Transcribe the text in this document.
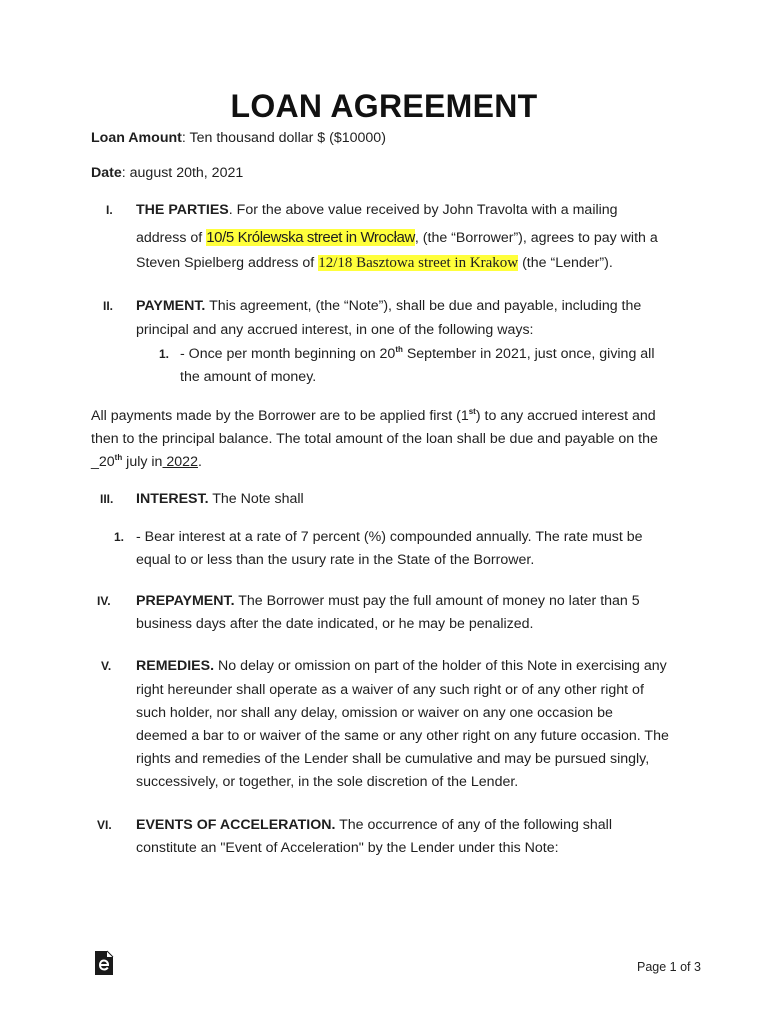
LOAN AGREEMENT
Loan Amount: Ten thousand dollar $ ($10000)
Date: august 20th, 2021
I. THE PARTIES. For the above value received by John Travolta with a mailing
address of 10/5 Królewska street in Wrocław, (the “Borrower”), agrees to pay with a
Steven Spielberg address of 12/18 Basztowa street in Krakow (the “Lender”).
II. PAYMENT. This agreement, (the “Note”), shall be due and payable, including the
principal and any accrued interest, in one of the following ways:
1. - Once per month beginning on 20th September in 2021, just once, giving all
the amount of money.
All payments made by the Borrower are to be applied first (1st) to any accrued interest and
then to the principal balance. The total amount of the loan shall be due and payable on the
_20th july in 2022.
III. INTEREST. The Note shall
1. - Bear interest at a rate of 7 percent (%) compounded annually. The rate must be
equal to or less than the usury rate in the State of the Borrower.
IV. PREPAYMENT. The Borrower must pay the full amount of money no later than 5
business days after the date indicated, or he may be penalized.
V. REMEDIES. No delay or omission on part of the holder of this Note in exercising any
right hereunder shall operate as a waiver of any such right or of any other right of
such holder, nor shall any delay, omission or waiver on any one occasion be
deemed a bar to or waiver of the same or any other right on any future occasion. The
rights and remedies of the Lender shall be cumulative and may be pursued singly,
successively, or together, in the sole discretion of the Lender.
VI. EVENTS OF ACCELERATION. The occurrence of any of the following shall
constitute an "Event of Acceleration" by the Lender under this Note:
Page 1 of 3
